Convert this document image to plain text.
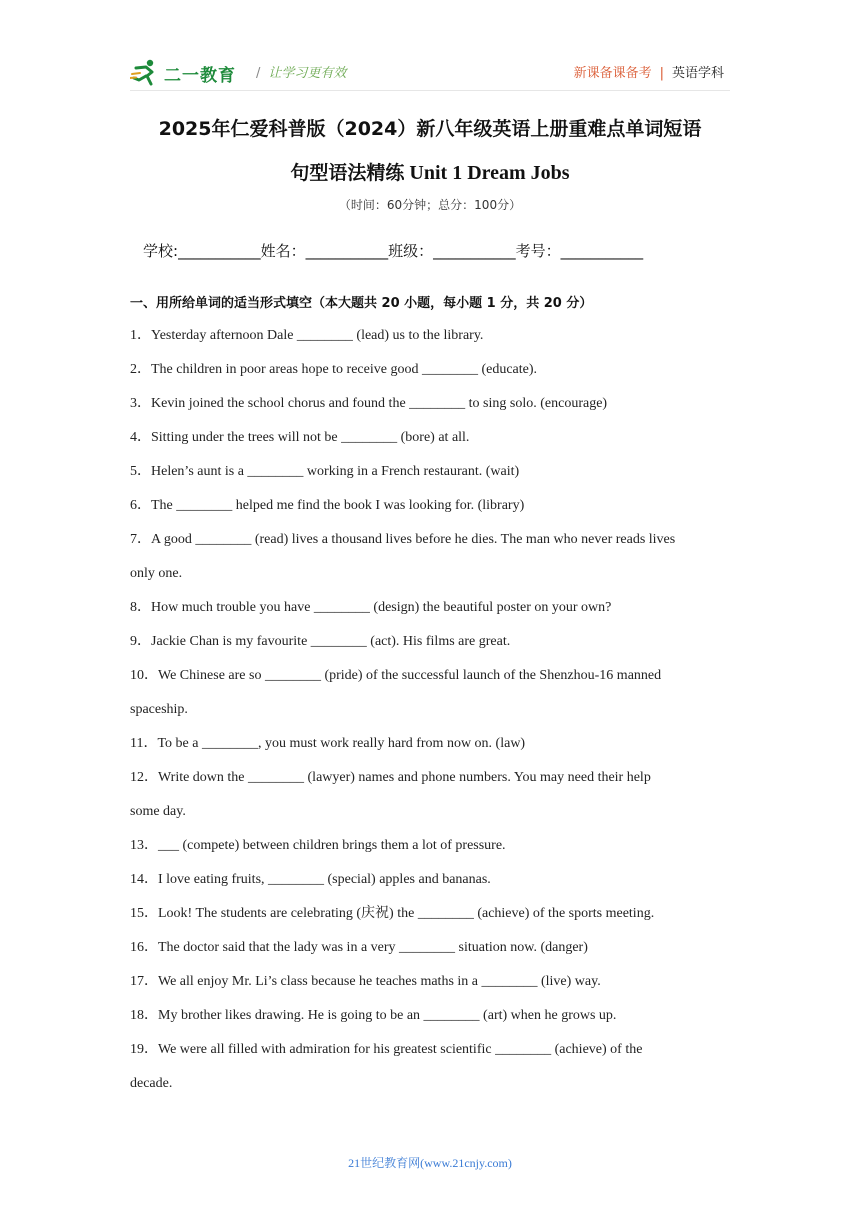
二一教育 / 让学习更有效	新课备课备考 | 英语学科
2025年仁爱科普版（2024）新八年级英语上册重难点单词短语
句型语法精练 Unit 1 Dream Jobs
（时间：60分钟；总分：100分）
学校:___________姓名：___________班级：___________考号：___________
一、用所给单词的适当形式填空（本大题共 20 小题，每小题 1 分，共 20 分）
1．Yesterday afternoon Dale ________ (lead) us to the library.
2．The children in poor areas hope to receive good ________ (educate).
3．Kevin joined the school chorus and found the ________ to sing solo. (encourage)
4．Sitting under the trees will not be ________ (bore) at all.
5．Helen’s aunt is a ________ working in a French restaurant. (wait)
6．The ________ helped me find the book I was looking for. (library)
7．A good ________ (read) lives a thousand lives before he dies. The man who never reads lives
only one.
8．How much trouble you have ________ (design) the beautiful poster on your own?
9．Jackie Chan is my favourite ________ (act). His films are great.
10．We Chinese are so ________ (pride) of the successful launch of the Shenzhou-16 manned
spaceship.
11．To be a ________, you must work really hard from now on. (law)
12．Write down the ________ (lawyer) names and phone numbers. You may need their help
some day.
13．___ (compete) between children brings them a lot of pressure.
14．I love eating fruits, ________ (special) apples and bananas.
15．Look! The students are celebrating (庆祝) the ________ (achieve) of the sports meeting.
16．The doctor said that the lady was in a very ________ situation now. (danger)
17．We all enjoy Mr. Li’s class because he teaches maths in a ________ (live) way.
18．My brother likes drawing. He is going to be an ________ (art) when he grows up.
19．We were all filled with admiration for his greatest scientific ________ (achieve) of the
decade.
21世纪教育网(www.21cnjy.com)
